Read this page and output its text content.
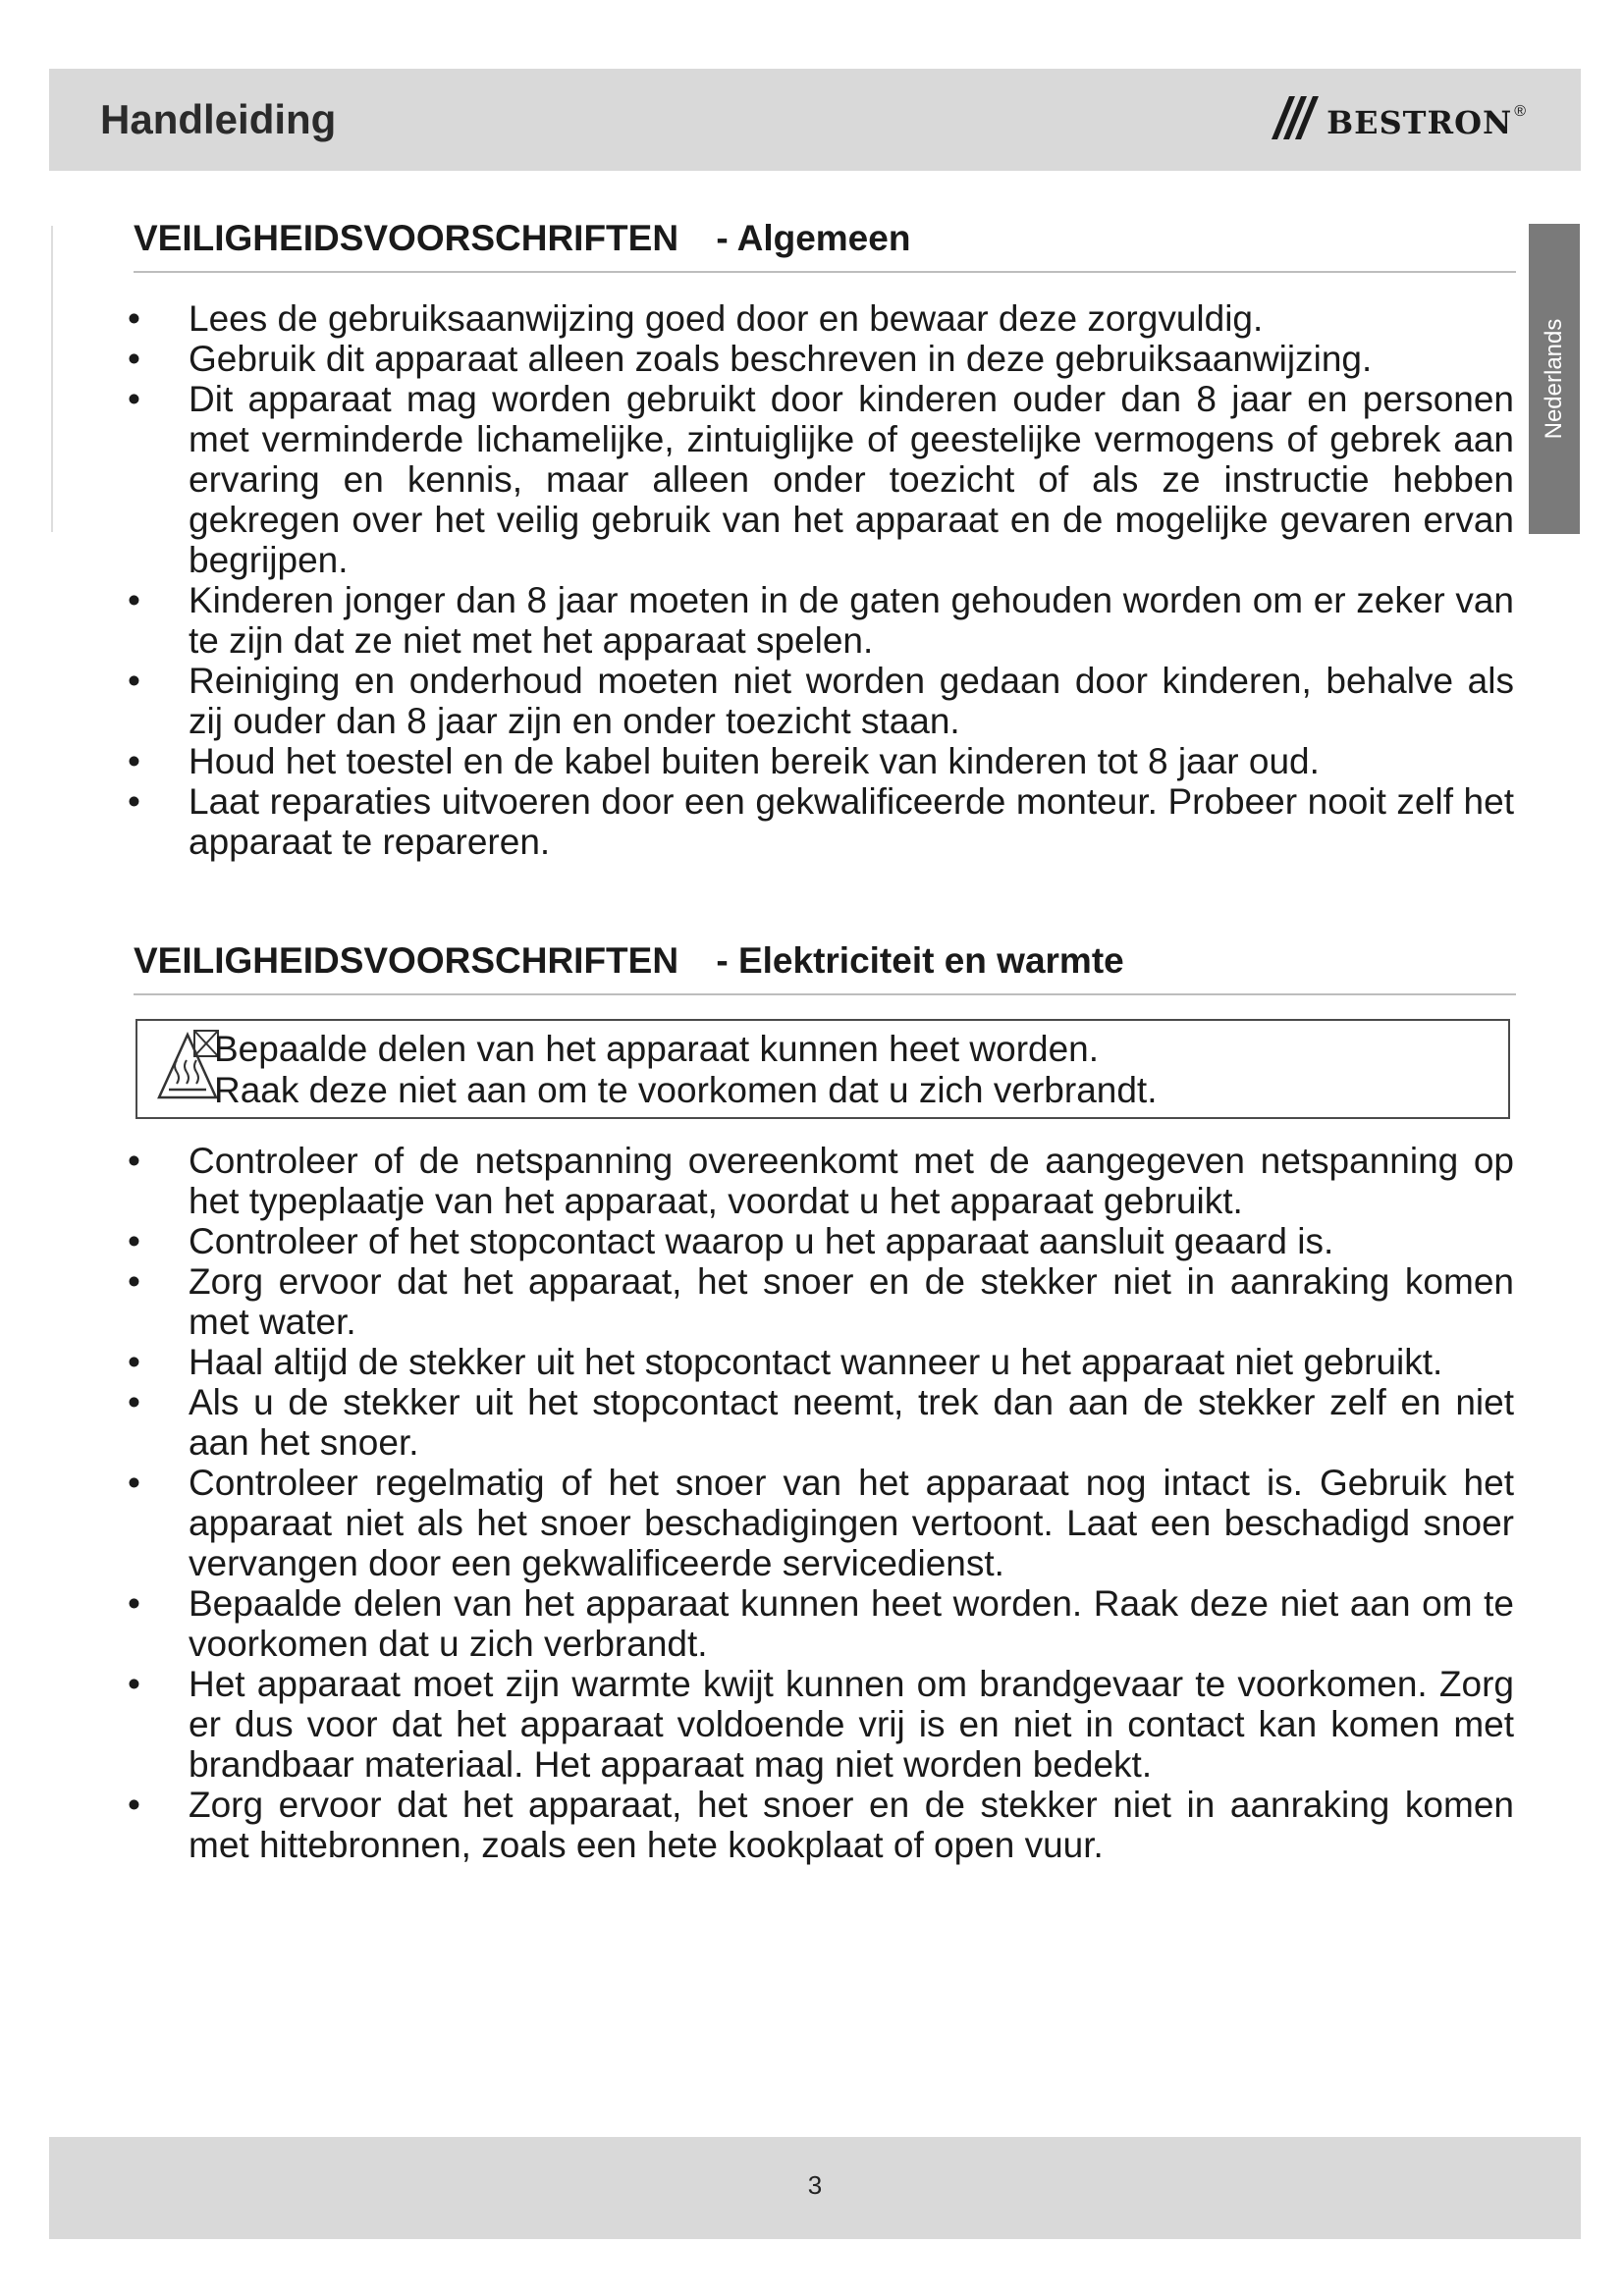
Handleiding	bestron ®
Nederlands
VEILIGHEIDSVOORSCHRIFTEN - Algemeen
• Lees de gebruiksaanwijzing goed door en bewaar deze zorgvuldig.
• Gebruik dit apparaat alleen zoals beschreven in deze gebruiksaanwijzing.
• Dit apparaat mag worden gebruikt door kinderen ouder dan 8 jaar en personen met verminderde lichamelijke, zintuiglijke of geestelijke vermogens of gebrek aan ervaring en kennis, maar alleen onder toezicht of als ze instructie hebben gekregen over het veilig gebruik van het apparaat en de mogelijke gevaren ervan begrijpen.
• Kinderen jonger dan 8 jaar moeten in de gaten gehouden worden om er zeker van te zijn dat ze niet met het apparaat spelen.
• Reiniging en onderhoud moeten niet worden gedaan door kinderen, behalve als zij ouder dan 8 jaar zijn en onder toezicht staan.
• Houd het toestel en de kabel buiten bereik van kinderen tot 8 jaar oud.
• Laat reparaties uitvoeren door een gekwalificeerde monteur. Probeer nooit zelf het apparaat te repareren.
VEILIGHEIDSVOORSCHRIFTEN - Elektriciteit en warmte
Bepaalde delen van het apparaat kunnen heet worden.
Raak deze niet aan om te voorkomen dat u zich verbrandt.
• Controleer of de netspanning overeenkomt met de aangegeven netspanning op het typeplaatje van het apparaat, voordat u het apparaat gebruikt.
• Controleer of het stopcontact waarop u het apparaat aansluit geaard is.
• Zorg ervoor dat het apparaat, het snoer en de stekker niet in aanraking komen met water.
• Haal altijd de stekker uit het stopcontact wanneer u het apparaat niet gebruikt.
• Als u de stekker uit het stopcontact neemt, trek dan aan de stekker zelf en niet aan het snoer.
• Controleer regelmatig of het snoer van het apparaat nog intact is. Gebruik het apparaat niet als het snoer beschadigingen vertoont. Laat een beschadigd snoer vervangen door een gekwalificeerde servicedienst.
• Bepaalde delen van het apparaat kunnen heet worden. Raak deze niet aan om te voorkomen dat u zich verbrandt.
• Het apparaat moet zijn warmte kwijt kunnen om brandgevaar te voorkomen. Zorg er dus voor dat het apparaat voldoende vrij is en niet in contact kan komen met brandbaar materiaal. Het apparaat mag niet worden bedekt.
• Zorg ervoor dat het apparaat, het snoer en de stekker niet in aanraking komen met hittebronnen, zoals een hete kookplaat of open vuur.
3
